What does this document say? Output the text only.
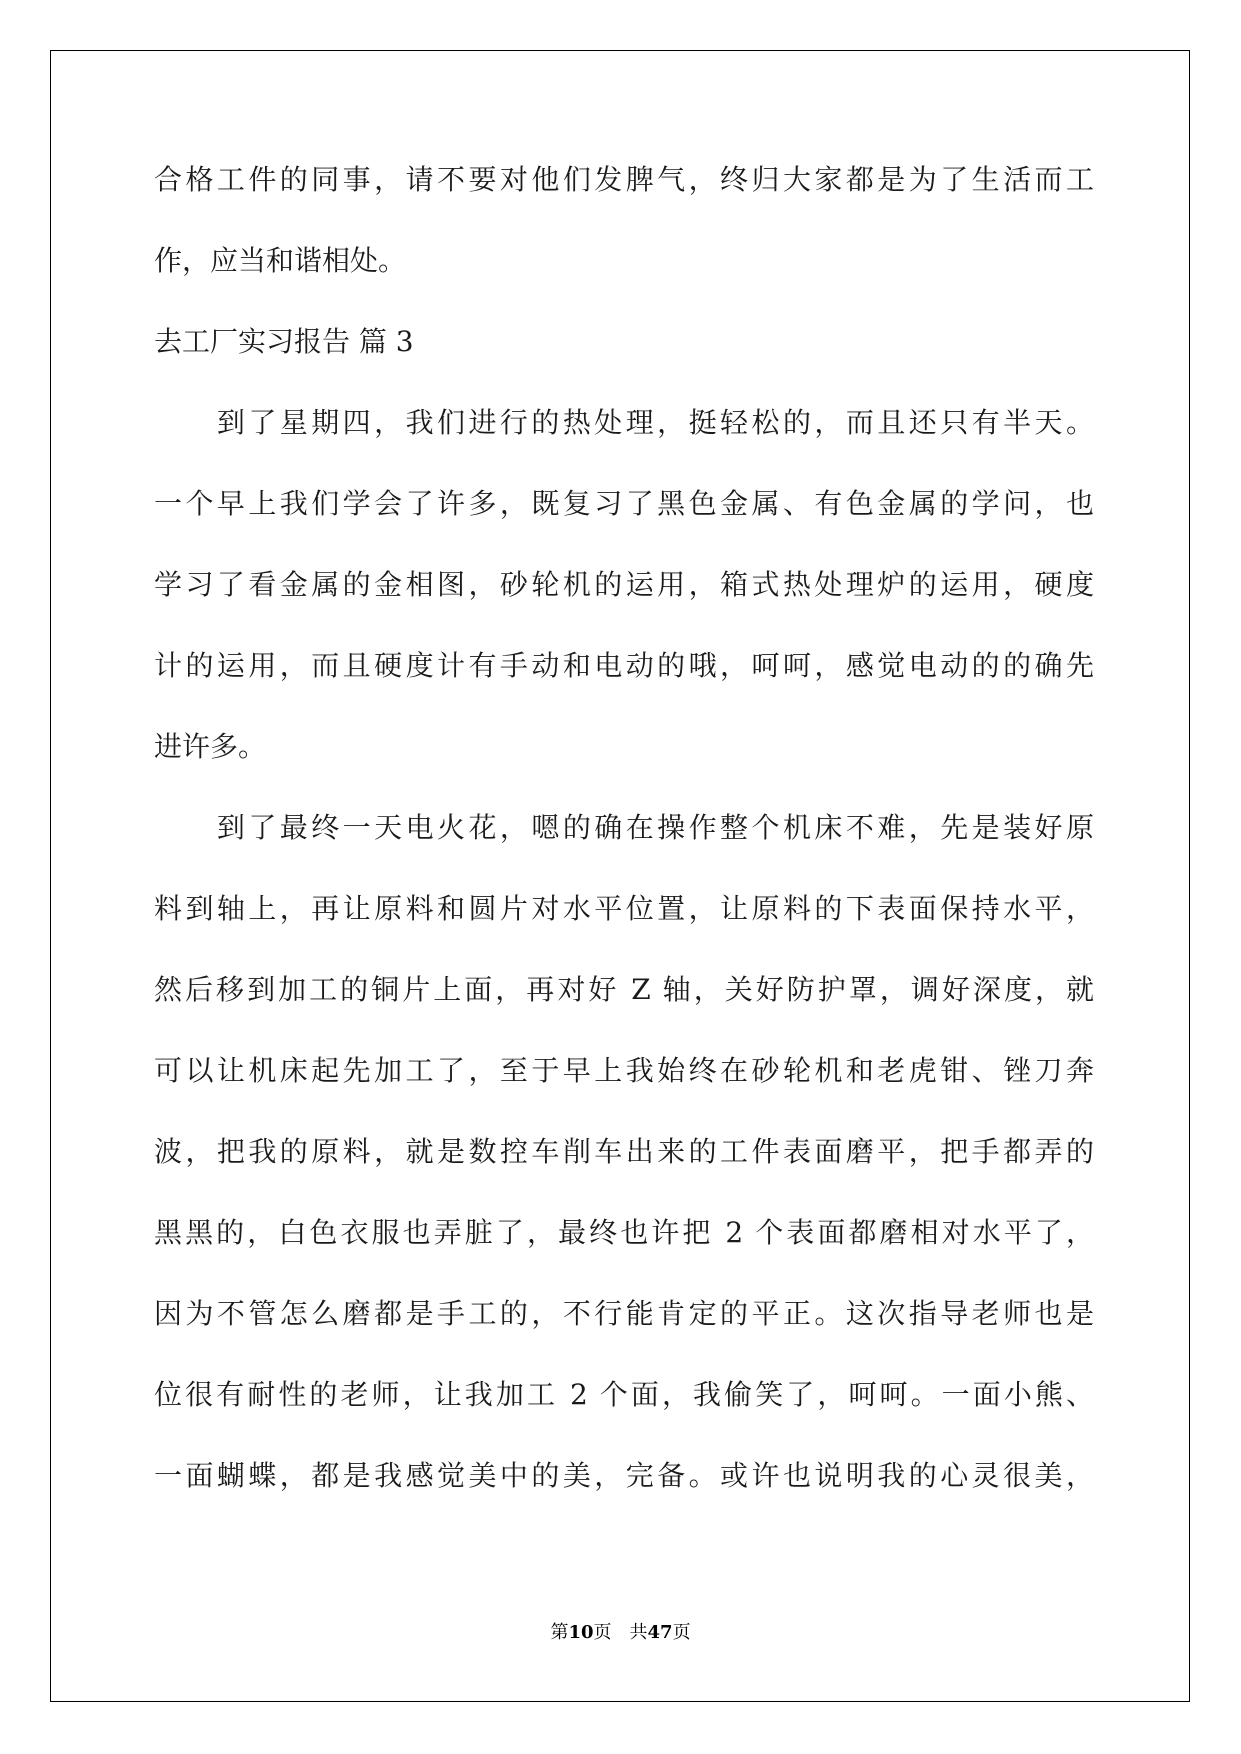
合格工件的同事，请不要对他们发脾气，终归大家都是为了生活而工
作，应当和谐相处。
去工厂实习报告 篇 3
　　到了星期四，我们进行的热处理，挺轻松的，而且还只有半天。
一个早上我们学会了许多，既复习了黑色金属、有色金属的学问，也
学习了看金属的金相图，砂轮机的运用，箱式热处理炉的运用，硬度
计的运用，而且硬度计有手动和电动的哦，呵呵，感觉电动的的确先
进许多。
　　到了最终一天电火花，嗯的确在操作整个机床不难，先是装好原
料到轴上，再让原料和圆片对水平位置，让原料的下表面保持水平，
然后移到加工的铜片上面，再对好 Z 轴，关好防护罩，调好深度，就
可以让机床起先加工了，至于早上我始终在砂轮机和老虎钳、锉刀奔
波，把我的原料，就是数控车削车出来的工件表面磨平，把手都弄的
黑黑的，白色衣服也弄脏了，最终也许把 2 个表面都磨相对水平了，
因为不管怎么磨都是手工的，不行能肯定的平正。这次指导老师也是
位很有耐性的老师，让我加工 2 个面，我偷笑了，呵呵。一面小熊、
一面蝴蝶，都是我感觉美中的美，完备。或许也说明我的心灵很美，
第10页　共47页
